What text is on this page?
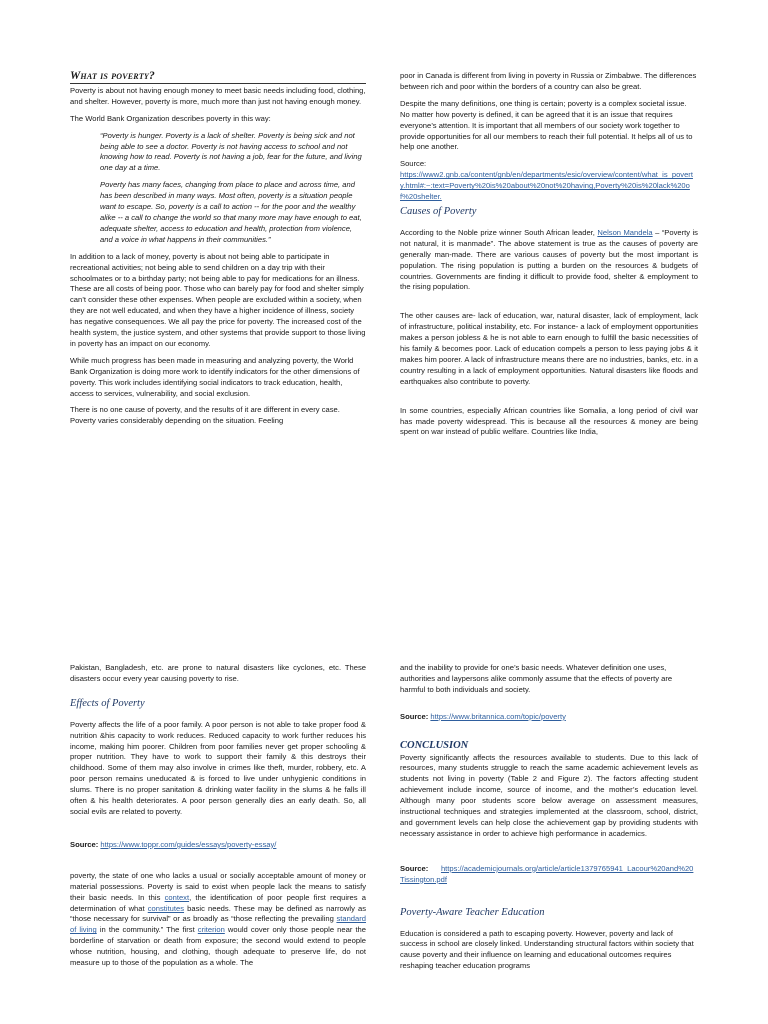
What is poverty?

Poverty is about not having enough money to meet basic needs including food, clothing, and shelter. However, poverty is more, much more than just not having enough money.

The World Bank Organization describes poverty in this way:

“Poverty is hunger. Poverty is a lack of shelter. Poverty is being sick and not being able to see a doctor. Poverty is not having access to school and not knowing how to read. Poverty is not having a job, fear for the future, and living one day at a time.

Poverty has many faces, changing from place to place and across time, and has been described in many ways. Most often, poverty is a situation people want to escape. So, poverty is a call to action -- for the poor and the wealthy alike -- a call to change the world so that many more may have enough to eat, adequate shelter, access to education and health, protection from violence, and a voice in what happens in their communities.”

In addition to a lack of money, poverty is about not being able to participate in recreational activities; not being able to send children on a day trip with their schoolmates or to a birthday party; not being able to pay for medications for an illness. These are all costs of being poor. Those who can barely pay for food and shelter simply can’t consider these other expenses. When people are excluded within a society, when they are not well educated, and when they have a higher incidence of illness, society has negative consequences. We all pay the price for poverty. The increased cost of the health system, the justice system, and other systems that provide support to those living in poverty has an impact on our economy.

While much progress has been made in measuring and analyzing poverty, the World Bank Organization is doing more work to identify indicators for the other dimensions of poverty. This work includes identifying social indicators to track education, health, access to services, vulnerability, and social exclusion.

There is no one cause of poverty, and the results of it are different in every case. Poverty varies considerably depending on the situation. Feeling

poor in Canada is different from living in poverty in Russia or Zimbabwe. The differences between rich and poor within the borders of a country can also be great.

Despite the many definitions, one thing is certain; poverty is a complex societal issue. No matter how poverty is defined, it can be agreed that it is an issue that requires everyone’s attention. It is important that all members of our society work together to provide opportunities for all our members to reach their full potential. It helps all of us to help one another.

Source:
https://www2.gnb.ca/content/gnb/en/departments/esic/overview/content/what_is_poverty.html#:~:text=Poverty%20is%20about%20not%20having,Poverty%20is%20lack%20of%20shelter.
Causes of Poverty

According to the Noble prize winner South African leader, Nelson Mandela – “Poverty is not natural, it is manmade”. The above statement is true as the causes of poverty are generally man-made. There are various causes of poverty but the most important is population. The rising population is putting a burden on the resources & budgets of countries. Governments are finding it difficult to provide food, shelter & employment to the rising population.

The other causes are- lack of education, war, natural disaster, lack of employment, lack of infrastructure, political instability, etc. For instance- a lack of employment opportunities makes a person jobless & he is not able to earn enough to fulfill the basic necessities of his family & becomes poor. Lack of education compels a person to less paying jobs & it makes him poorer. A lack of infrastructure means there are no industries, banks, etc. in a country resulting in a lack of employment opportunities. Natural disasters like floods and earthquakes also contribute to poverty.

In some countries, especially African countries like Somalia, a long period of civil war has made poverty widespread. This is because all the resources & money are being spent on war instead of public welfare. Countries like India,

Pakistan, Bangladesh, etc. are prone to natural disasters like cyclones, etc. These disasters occur every year causing poverty to rise.

Effects of Poverty

Poverty affects the life of a poor family. A poor person is not able to take proper food & nutrition &his capacity to work reduces. Reduced capacity to work further reduces his income, making him poorer. Children from poor families never get proper schooling & proper nutrition. They have to work to support their family & this destroys their childhood. Some of them may also involve in crimes like theft, murder, robbery, etc. A poor person remains uneducated & is forced to live under unhygienic conditions in slums. There is no proper sanitation & drinking water facility in the slums & he falls ill often & his health deteriorates. A poor person generally dies an early death. So, all social evils are related to poverty.

Source: https://www.toppr.com/guides/essays/poverty-essay/

poverty, the state of one who lacks a usual or socially acceptable amount of money or material possessions. Poverty is said to exist when people lack the means to satisfy their basic needs. In this context, the identification of poor people first requires a determination of what constitutes basic needs. These may be defined as narrowly as “those necessary for survival” or as broadly as “those reflecting the prevailing standard of living in the community.” The first criterion would cover only those people near the borderline of starvation or death from exposure; the second would extend to people whose nutrition, housing, and clothing, though adequate to preserve life, do not measure up to those of the population as a whole. The

and the inability to provide for one’s basic needs. Whatever definition one uses, authorities and laypersons alike commonly assume that the effects of poverty are harmful to both individuals and society.

Source: https://www.britannica.com/topic/poverty

CONCLUSION

Poverty significantly affects the resources available to students. Due to this lack of resources, many students struggle to reach the same academic achievement levels as students not living in poverty (Table 2 and Figure 2). The factors affecting student achievement include income, source of income, and the mother’s education level. Although many poor students score below average on assessment measures, instructional techniques and strategies implemented at the classroom, school, district, and government levels can help close the achievement gap by providing students with necessary assistance in order to achieve high performance in academics.

Source: https://academicjournals.org/article/article1379765941_Lacour%20and%20Tissington.pdf

Poverty-Aware Teacher Education

Education is considered a path to escaping poverty. However, poverty and lack of success in school are closely linked. Understanding structural factors within society that cause poverty and their influence on learning and educational outcomes requires reshaping teacher education programs
